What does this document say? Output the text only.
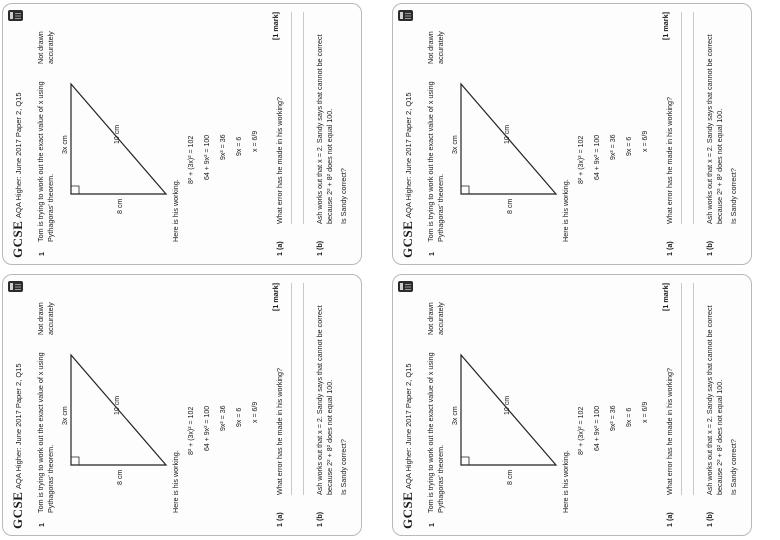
GCSE
AQA Higher: June 2017 Paper 2, Q15
1
Tom is trying to work out the exact value of x using Pythagoras' theorem.
Not drawn accurately
10 cm
3x cm
8 cm	Here is his working.
8² + (3x)² = 102 64 + 9x² = 100 9x² = 36 9x = 6 x = 6/9
1 (a)
What error has he made in his working?
[1 mark]
1 (b)
Ash works out that x = 2. Sandy says that cannot be correct because 2² + 8² does not equal 100. Is Sandy correct?
GCSE
AQA Higher: June 2017 Paper 2, Q15
1
Tom is trying to work out the exact value of x using Pythagoras' theorem.
Not drawn accurately
10 cm
3x cm
8 cm	Here is his working.
8² + (3x)² = 102 64 + 9x² = 100 9x² = 36 9x = 6 x = 6/9
1 (a)
What error has he made in his working?
[1 mark]
1 (b)
Ash works out that x = 2. Sandy says that cannot be correct because 2² + 8² does not equal 100. Is Sandy correct?
GCSE
AQA Higher: June 2017 Paper 2, Q15
1
Tom is trying to work out the exact value of x using Pythagoras' theorem.
Not drawn accurately
10 cm
3x cm
8 cm	Here is his working.
8² + (3x)² = 102 64 + 9x² = 100 9x² = 36 9x = 6 x = 6/9
1 (a)
What error has he made in his working?
[1 mark]
1 (b)
Ash works out that x = 2. Sandy says that cannot be correct because 2² + 8² does not equal 100. Is Sandy correct?
GCSE
AQA Higher: June 2017 Paper 2, Q15
1
Tom is trying to work out the exact value of x using Pythagoras' theorem.
Not drawn accurately
10 cm
3x cm
8 cm	Here is his working.
8² + (3x)² = 102 64 + 9x² = 100 9x² = 36 9x = 6 x = 6/9
1 (a)
What error has he made in his working?
[1 mark]
1 (b)
Ash works out that x = 2. Sandy says that cannot be correct because 2² + 8² does not equal 100. Is Sandy correct?
